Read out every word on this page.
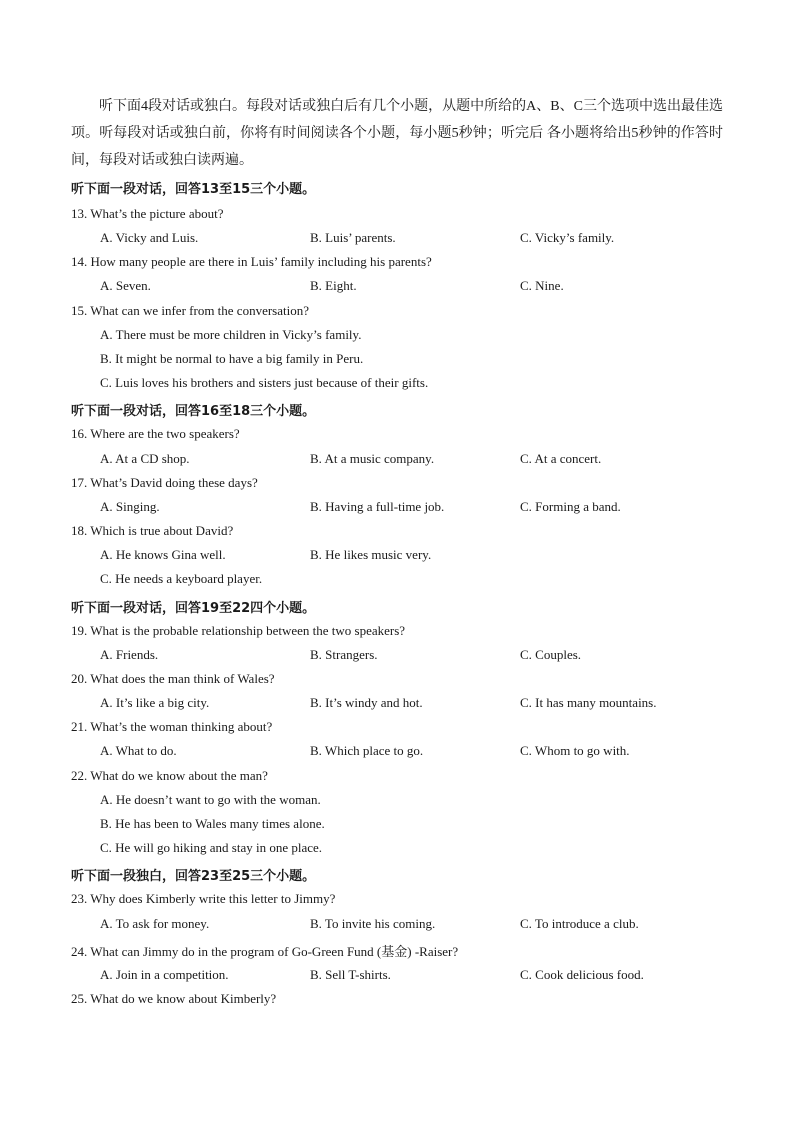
听下面4段对话或独白。每段对话或独白后有几个小题，从题中所给的A、B、C三个选项中选出最佳选项。听每段对话或独白前，你将有时间阅读各个小题，每小题5秒钟；听完后 各小题将给出5秒钟的作答时间，每段对话或独白读两遍。
听下面一段对话，回答13至15三个小题。
13. What’s the picture about?
A. Vicky and Luis.	B. Luis’ parents.	C. Vicky’s family.
14. How many people are there in Luis’ family including his parents?
A. Seven.	B. Eight.	C. Nine.
15. What can we infer from the conversation?
A. There must be more children in Vicky’s family.
B. It might be normal to have a big family in Peru.
C. Luis loves his brothers and sisters just because of their gifts.
听下面一段对话，回答16至18三个小题。
16. Where are the two speakers?
A. At a CD shop.	B. At a music company.	C. At a concert.
17. What’s David doing these days?
A. Singing.	B. Having a full-time job.	C. Forming a band.
18. Which is true about David?
A. He knows Gina well.	B. He likes music very.
C. He needs a keyboard player.
听下面一段对话，回答19至22四个小题。
19. What is the probable relationship between the two speakers?
A. Friends.	B. Strangers.	C. Couples.
20. What does the man think of Wales?
A. It’s like a big city.	B. It’s windy and hot.	C. It has many mountains.
21. What’s the woman thinking about?
A. What to do.	B. Which place to go.	C. Whom to go with.
22. What do we know about the man?
A. He doesn’t want to go with the woman.
B. He has been to Wales many times alone.
C. He will go hiking and stay in one place.
听下面一段独白，回答23至25三个小题。
23. Why does Kimberly write this letter to Jimmy?
A. To ask for money.	B. To invite his coming.	C. To introduce a club.
24. What can Jimmy do in the program of Go-Green Fund (基金) -Raiser?
A. Join in a competition.	B. Sell T-shirts.	C. Cook delicious food.
25. What do we know about Kimberly?
